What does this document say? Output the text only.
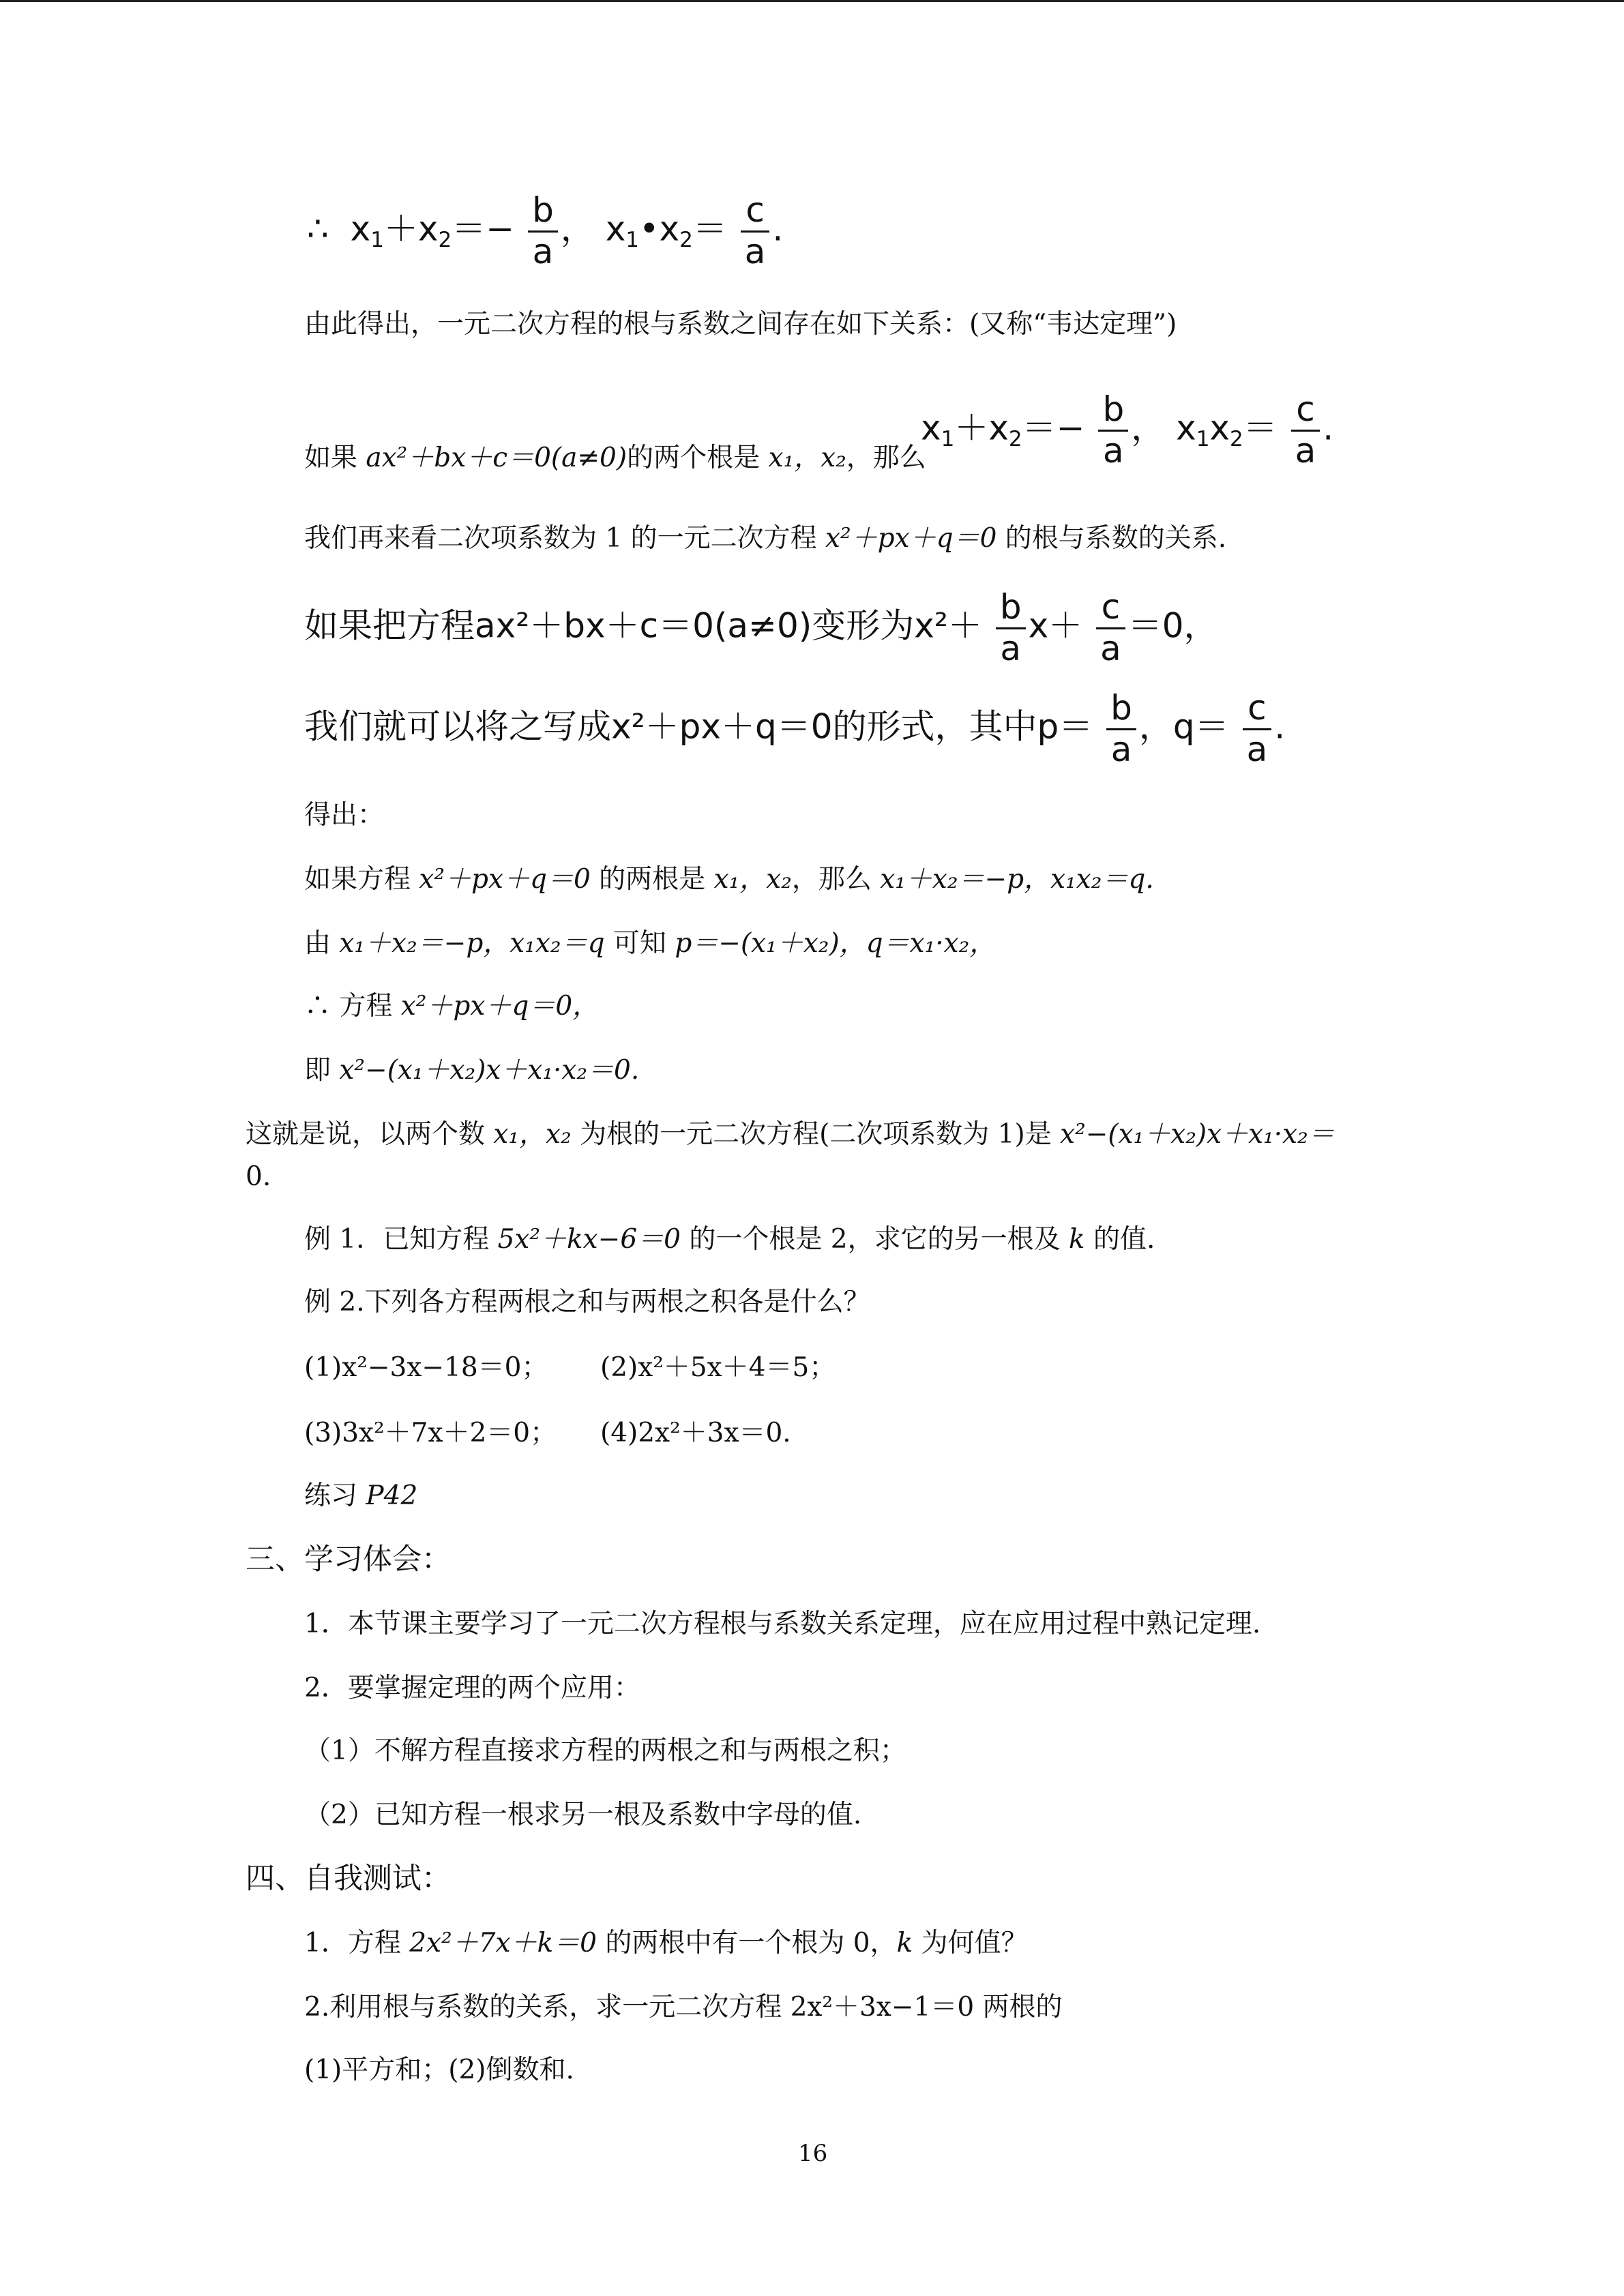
∴  $x_1+x_2=- \frac{b}{a}$ ， $x_1•x_2= \frac{c}{a}$ .
由此得出，一元二次方程的根与系数之间存在如下关系：(又称“韦达定理”)
如果 ax²＋bx＋c＝0(a≠0)的两个根是 x₁，x₂，那么
$x_1+x_2=- \frac{b}{a}$ ， $x_1x_2= \frac{c}{a}$ .
我们再来看二次项系数为 1 的一元二次方程 x²＋px＋q＝0 的根与系数的关系.
如果把方程ax²＋bx＋c＝0(a≠0)变形为$x^2+ \frac{b}{a} x+ \frac{c}{a} =0$，
我们就可以将之写成x²＋px＋q＝0的形式，其中$p= \frac{b}{a}$ ，$q= \frac{c}{a}$ .
得出：
如果方程 x²＋px＋q＝0 的两根是 x₁，x₂，那么 x₁＋x₂＝−p，x₁x₂＝q.
由 x₁＋x₂＝−p，x₁x₂＝q 可知 p＝−(x₁＋x₂)，q＝x₁·x₂，
∴ 方程 x²＋px＋q＝0，
即 x²−(x₁＋x₂)x＋x₁·x₂＝0.
这就是说，以两个数 x₁，x₂ 为根的一元二次方程(二次项系数为 1)是 x²−(x₁＋x₂)x＋x₁·x₂＝
0.
例 1．已知方程 5x²＋kx−6＝0 的一个根是 2，求它的另一根及 k 的值.
例 2.下列各方程两根之和与两根之积各是什么？
(1)x²−3x−18＝0； (2)x²＋5x＋4＝5；
(3)3x²＋7x＋2＝0； (4)2x²＋3x＝0.
练习 P42
三、学习体会：
1．本节课主要学习了一元二次方程根与系数关系定理，应在应用过程中熟记定理.
2．要掌握定理的两个应用：
（1）不解方程直接求方程的两根之和与两根之积；
（2）已知方程一根求另一根及系数中字母的值.
四、自我测试：
1．方程 2x²＋7x＋k＝0 的两根中有一个根为 0，k 为何值？
2.利用根与系数的关系，求一元二次方程 2x²＋3x−1＝0 两根的
(1)平方和；(2)倒数和.
16
